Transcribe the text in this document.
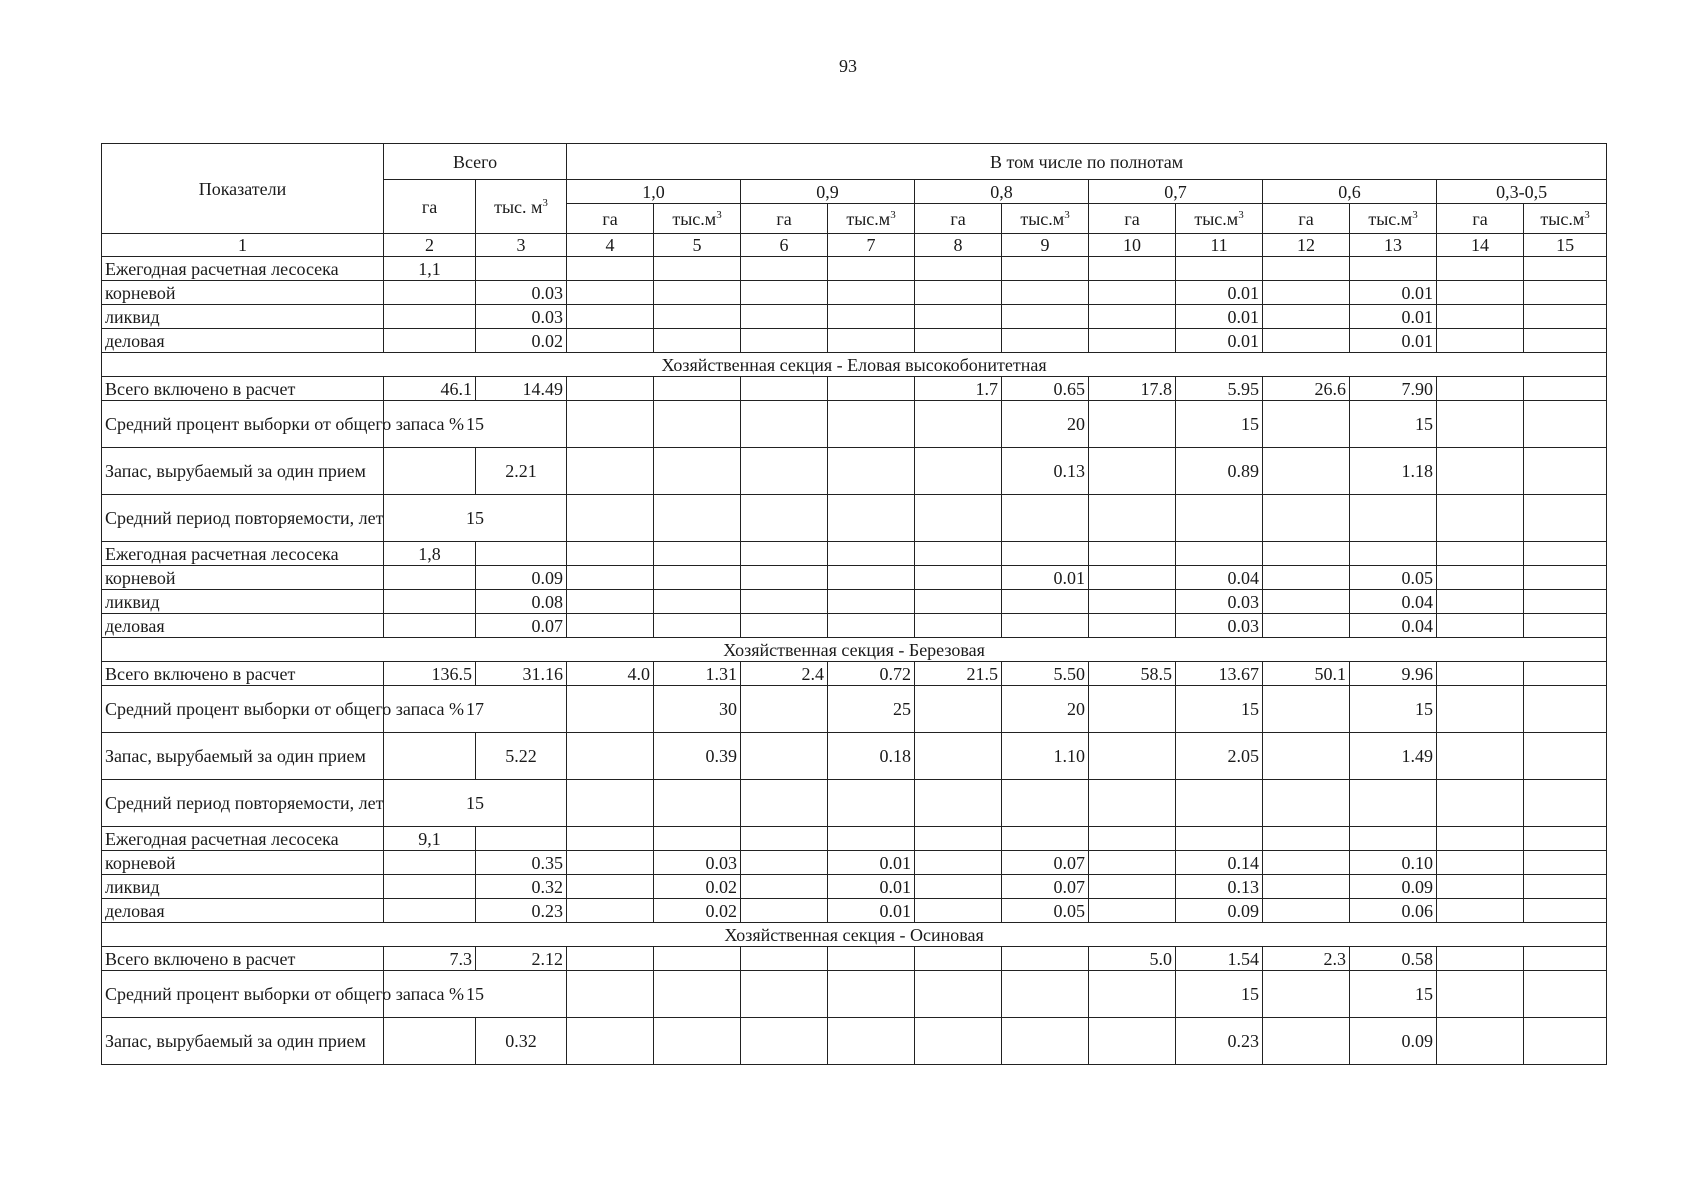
93
Показатели	Всего		В том числе по полнотам											
	га	тыс. $м^3$	1,0		0,9		0,8		0,7		0,6		0,3-0,5	
			га	$тыс.м^3$	га	$тыс.м^3$	га	$тыс.м^3$	га	$тыс.м^3$	га	$тыс.м^3$	га	$тыс.м^3$
1	2	3	4	5	6	7	8	9	10	11	12	13	14	15
Ежегодная расчетная лесосека	1,1													
корневой		0.03								0.01		0.01		
ликвид		0.03								0.01		0.01		
деловая		0.02								0.01		0.01		
Хозяйственная секция - Еловая высокобонитетная														
Всего включено в расчет	46.1	14.49					1.7	0.65	17.8	5.95	26.6	7.90		
Средний процент выборки от общего запаса %	15							20		15		15		
Запас, вырубаемый за один прием		2.21						0.13		0.89		1.18		
Средний период повторяемости, лет	15													
Ежегодная расчетная лесосека	1,8													
корневой		0.09						0.01		0.04		0.05		
ликвид		0.08								0.03		0.04		
деловая		0.07								0.03		0.04		
Хозяйственная секция - Березовая														
Всего включено в расчет	136.5	31.16	4.0	1.31	2.4	0.72	21.5	5.50	58.5	13.67	50.1	9.96		
Средний процент выборки от общего запаса %	17			30		25		20		15		15		
Запас, вырубаемый за один прием		5.22		0.39		0.18		1.10		2.05		1.49		
Средний период повторяемости, лет	15													
Ежегодная расчетная лесосека	9,1													
корневой		0.35		0.03		0.01		0.07		0.14		0.10		
ликвид		0.32		0.02		0.01		0.07		0.13		0.09		
деловая		0.23		0.02		0.01		0.05		0.09		0.06		
Хозяйственная секция - Осиновая														
Всего включено в расчет	7.3	2.12							5.0	1.54	2.3	0.58		
Средний процент выборки от общего запаса %	15									15		15		
Запас, вырубаемый за один прием		0.32								0.23		0.09		
